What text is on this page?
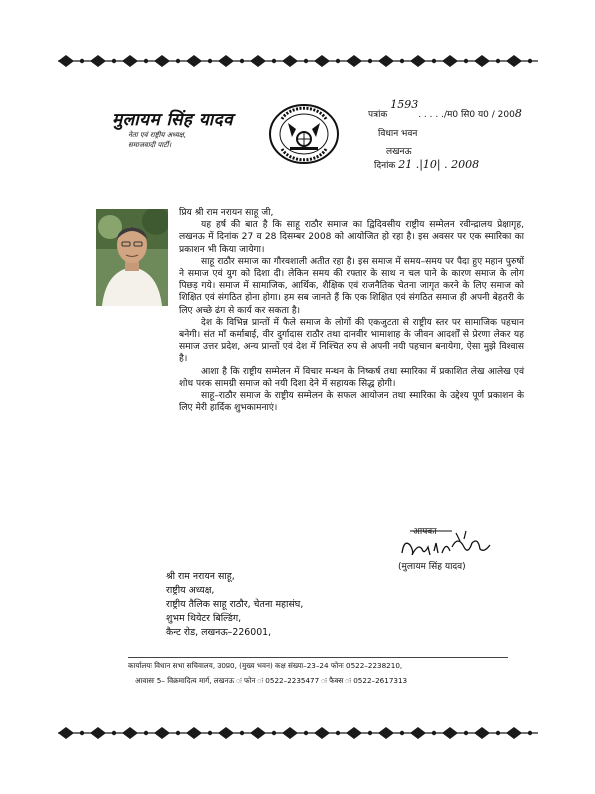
मुलायम सिंह यादव
नेता एवं राष्ट्रीय अध्यक्ष,
समाजवादी पार्टी।
पत्रांक 1593. . . . ./म0 सि0 य0 / 2008
विधान भवन
लखनऊ
दिनांक 21 .|10| . 2008

प्रिय श्री राम नरायन साहू जी,

यह हर्ष की बात है कि साहू राठौर समाज का द्विदिवसीय राष्ट्रीय सम्मेलन रवीन्द्रालय प्रेक्षागृह, लखनऊ में दिनांक 27 व 28 दिसम्बर 2008 को आयोजित हो रहा है। इस अवसर पर एक स्मारिका का प्रकाशन भी किया जायेगा।

साहू राठौर समाज का गौरवशाली अतीत रहा है। इस समाज में समय–समय पर पैदा हुए महान पुरुषों ने समाज एवं युग को दिशा दी। लेकिन समय की रफ्तार के साथ न चल पाने के कारण समाज के लोग पिछड़ गये। समाज में सामाजिक, आर्थिक, शैक्षिक एवं राजनैतिक चेतना जागृत करने के लिए समाज को शिक्षित एवं संगठित होना होगा। हम सब जानते हैं कि एक शिक्षित एवं संगठित समाज ही अपनी बेहतरी के लिए अच्छे ढंग से कार्य कर सकता है।

देश के विभिन्न प्रान्तों में फैले समाज के लोगों की एकजुटता से राष्ट्रीय स्तर पर सामाजिक पहचान बनेगी। संत माँ कर्माबाई, वीर दुर्गादास राठौर तथा दानवीर भामाशाह के जीवन आदर्शों से प्रेरणा लेकर यह समाज उत्तर प्रदेश, अन्य प्रान्तों एवं देश में निश्चित रुप से अपनी नयी पहचान बनायेगा, ऐसा मुझे विश्वास है।

आशा है कि राष्ट्रीय सम्मेलन में विचार मन्थन के निष्कर्ष तथा स्मारिका में प्रकाशित लेख आलेख एवं शोध परक सामग्री समाज को नयी दिशा देने में सहायक सिद्ध होगी।

साहू–राठौर समाज के राष्ट्रीय सम्मेलन के सफल आयोजन तथा स्मारिका के उद्देश्य पूर्ण प्रकाशन के लिए मेरी हार्दिक शुभकामनाएं।

आपका
(मुलायम सिंह यादव)
श्री राम नरायन साहू,
राष्ट्रीय अध्यक्ष,
राष्ट्रीय तैलिक साहू राठौर, चेतना महासंघ,
शुभम थियेटर बिल्डिंग,
कैन्ट रोड, लखनऊ–226001,
कार्यालयः विधान सभा सचिवालय, उ0प्र0, (मुख्य भवन) कक्ष संख्या–23–24 फोनः 0522–2238210,
आवासः 5– विक्रमादित्य मार्ग, लखनऊ ः फोन ः 0522–2235477 ः फैक्स ः 0522–2617313
